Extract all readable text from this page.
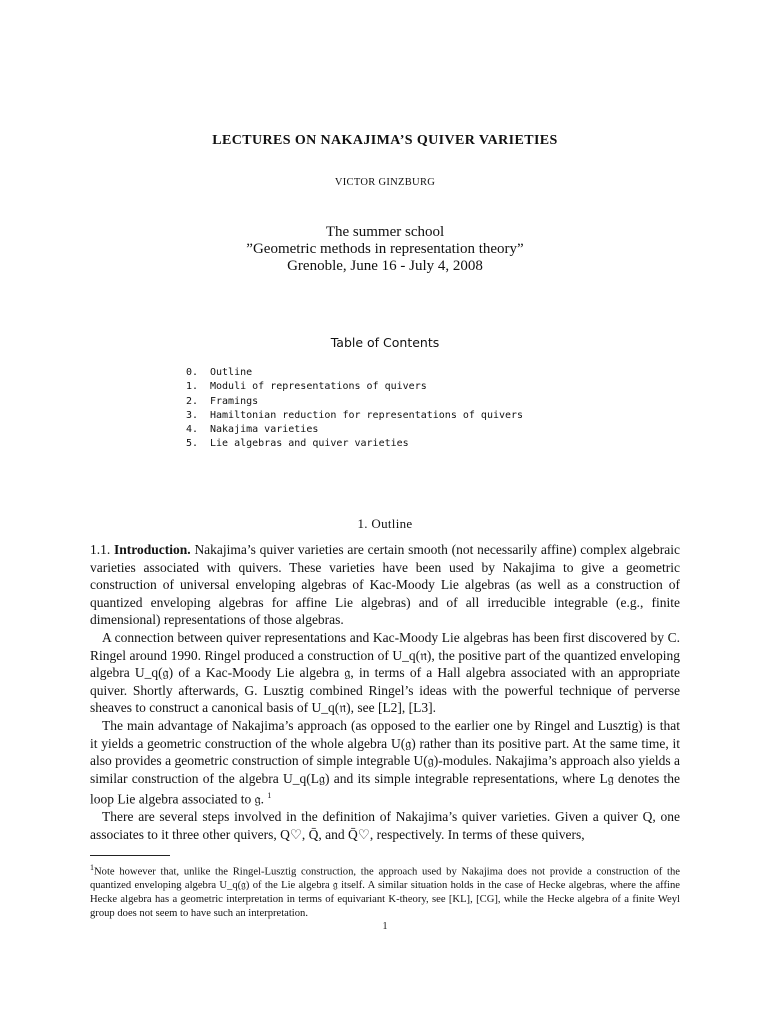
LECTURES ON NAKAJIMA’S QUIVER VARIETIES
VICTOR GINZBURG
The summer school
”Geometric methods in representation theory”
Grenoble, June 16 - July 4, 2008
Table of Contents
0. Outline
1. Moduli of representations of quivers
2. Framings
3. Hamiltonian reduction for representations of quivers
4. Nakajima varieties
5. Lie algebras and quiver varieties
1. Outline

1.1. Introduction. Nakajima’s quiver varieties are certain smooth (not necessarily affine) complex algebraic varieties associated with quivers. These varieties have been used by Nakajima to give a geometric construction of universal enveloping algebras of Kac-Moody Lie algebras (as well as a construction of quantized enveloping algebras for affine Lie algebras) and of all irreducible integrable (e.g., finite dimensional) representations of those algebras.

A connection between quiver representations and Kac-Moody Lie algebras has been first discovered by C. Ringel around 1990. Ringel produced a construction of U_q(𝔫), the positive part of the quantized enveloping algebra U_q(𝔤) of a Kac-Moody Lie algebra 𝔤, in terms of a Hall algebra associated with an appropriate quiver. Shortly afterwards, G. Lusztig combined Ringel’s ideas with the powerful technique of perverse sheaves to construct a canonical basis of U_q(𝔫), see [L2], [L3].

The main advantage of Nakajima’s approach (as opposed to the earlier one by Ringel and Lusztig) is that it yields a geometric construction of the whole algebra U(𝔤) rather than its positive part. At the same time, it also provides a geometric construction of simple integrable U(𝔤)-modules. Nakajima’s approach also yields a similar construction of the algebra U_q(L𝔤) and its simple integrable representations, where L𝔤 denotes the loop Lie algebra associated to 𝔤. $^1$

There are several steps involved in the definition of Nakajima’s quiver varieties. Given a quiver Q, one associates to it three other quivers, Q♡, Q̄, and Q̄♡, respectively. In terms of these quivers,

$^1$Note however that, unlike the Ringel-Lusztig construction, the approach used by Nakajima does not provide a construction of the quantized enveloping algebra U_q(𝔤) of the Lie algebra 𝔤 itself. A similar situation holds in the case of Hecke algebras, where the affine Hecke algebra has a geometric interpretation in terms of equivariant K-theory, see [KL], [CG], while the Hecke algebra of a finite Weyl group does not seem to have such an interpretation.
1
